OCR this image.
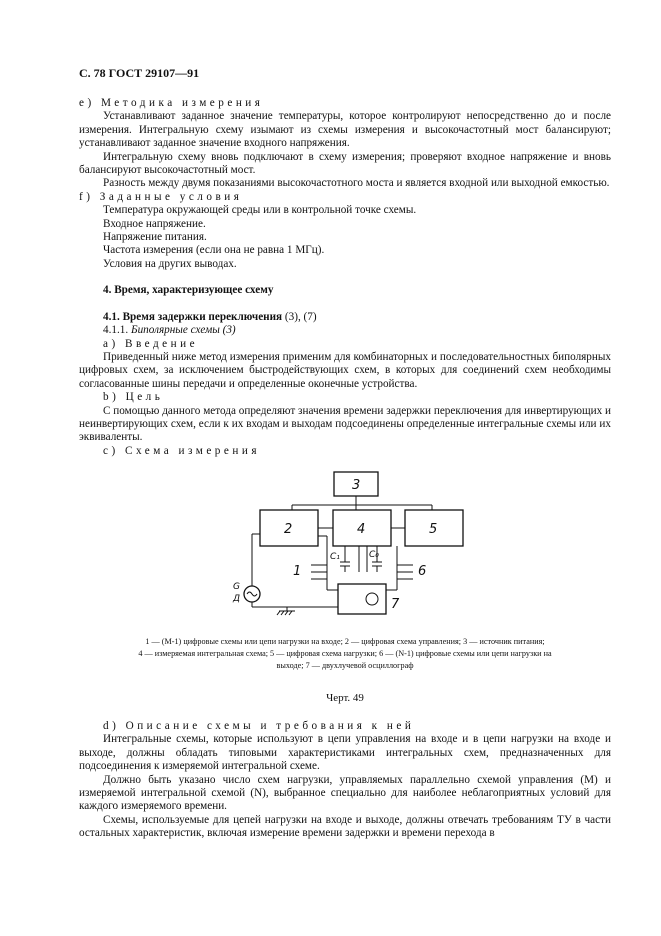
С. 78 ГОСТ 29107—91

е) Методика измерения

Устанавливают заданное значение температуры, которое контролируют непосредственно до и после измерения. Интегральную схему изымают из схемы измерения и высокочастотный мост балансируют; устанавливают заданное значение входного напряжения.

Интегральную схему вновь подключают в схему измерения; проверяют входное напряжение и вновь балансируют высокочастотный мост.

Разность между двумя показаниями высокочастотного моста и является входной или выходной емкостью.

f) Заданные условия

Температура окружающей среды или в контрольной точке схемы.

Входное напряжение.

Напряжение питания.

Частота измерения (если она не равна 1 МГц).

Условия на других выводах.

4. Время, характеризующее схему

4.1. Время задержки переключения (3), (7)

4.1.1. Биполярные схемы (3)

а) Введение

Приведенный ниже метод измерения применим для комбинаторных и последовательностных биполярных цифровых схем, за исключением быстродействующих схем, в которых для соединений схем необходимы согласованные шины передачи и определенные оконечные устройства.

b) Цель

С помощью данного метода определяют значения времени задержки переключения для инвертирующих и неинвертирующих схем, если к их входам и выходам подсоединены определенные интегральные схемы или их эквиваленты.

с) Схема измерения

3
2	4	5
1	6
C₁	C₀
7
G
Д
1 — (М-1) цифровые схемы или цепи нагрузки на входе; 2 — цифровая схема управления; 3 — источник питания;
4 — измеряемая интегральная схема; 5 — цифровая схема нагрузки; 6 — (N-1) цифровые схемы или цепи нагрузки на
выходе; 7 — двухлучевой осциллограф
Черт. 49

d) Описание схемы и требования к ней

Интегральные схемы, которые используют в цепи управления на входе и в цепи нагрузки на входе и выходе, должны обладать типовыми характеристиками интегральных схем, предназначенных для подсоединения к измеряемой интегральной схеме.

Должно быть указано число схем нагрузки, управляемых параллельно схемой управления (М) и измеряемой интегральной схемой (N), выбранное специально для наиболее неблагоприятных условий для каждого измеряемого времени.

Схемы, используемые для цепей нагрузки на входе и выходе, должны отвечать требованиям ТУ в части остальных характеристик, включая измерение времени задержки и времени перехода в
